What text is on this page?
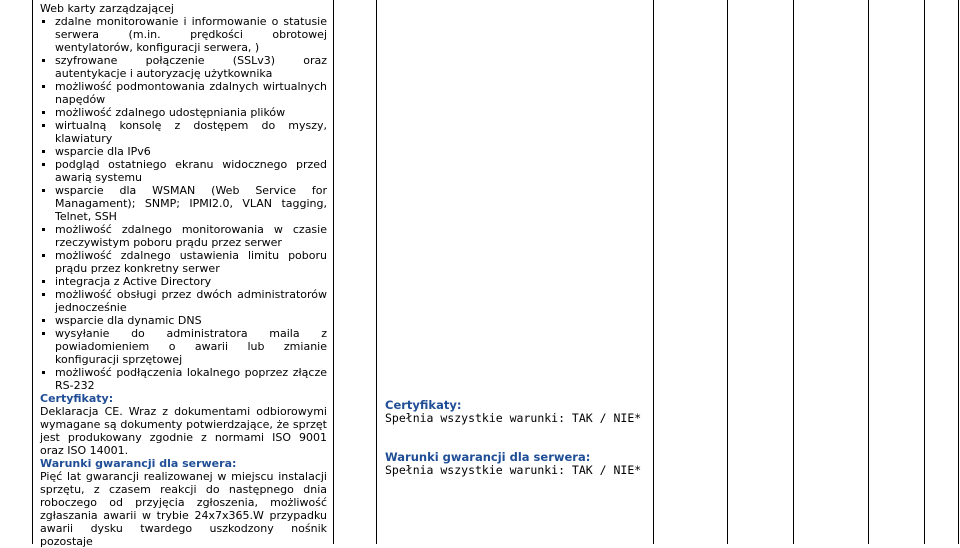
Web karty zarządzającej

zdalne monitorowanie i informowanie o statusie serwera (m.in. prędkości obrotowej wentylatorów, konfiguracji serwera, )
szyfrowane połączenie (SSLv3) oraz autentykacje i autoryzację użytkownika
możliwość podmontowania zdalnych wirtualnych napędów
możliwość zdalnego udostępniania plików
wirtualną konsolę z dostępem do myszy, klawiatury
wsparcie dla IPv6
podgląd ostatniego ekranu widocznego przed awarią systemu
wsparcie dla WSMAN (Web Service for Managament); SNMP; IPMI2.0, VLAN tagging, Telnet, SSH
możliwość zdalnego monitorowania w czasie rzeczywistym poboru prądu przez serwer
możliwość zdalnego ustawienia limitu poboru prądu przez konkretny serwer
integracja z Active Directory
możliwość obsługi przez dwóch administratorów jednocześnie
wsparcie dla dynamic DNS
wysyłanie do administratora maila z powiadomieniem o awarii lub zmianie konfiguracji sprzętowej
możliwość podłączenia lokalnego poprzez złącze RS-232

Certyfikaty:

Deklaracja CE. Wraz z dokumentami odbiorowymi wymagane są dokumenty potwierdzające, że sprzęt jest produkowany zgodnie z normami ISO 9001 oraz ISO 14001.

Warunki gwarancji dla serwera:

Pięć lat gwarancji realizowanej w miejscu instalacji sprzętu, z czasem reakcji do następnego dnia roboczego od przyjęcia zgłoszenia, możliwość zgłaszania awarii w trybie 24x7x365.W przypadku awarii dysku twardego uszkodzony nośnik pozostaje

Certyfikaty:
Spełnia wszystkie warunki: TAK / NIE*
Warunki gwarancji dla serwera:
Spełnia wszystkie warunki: TAK / NIE*
